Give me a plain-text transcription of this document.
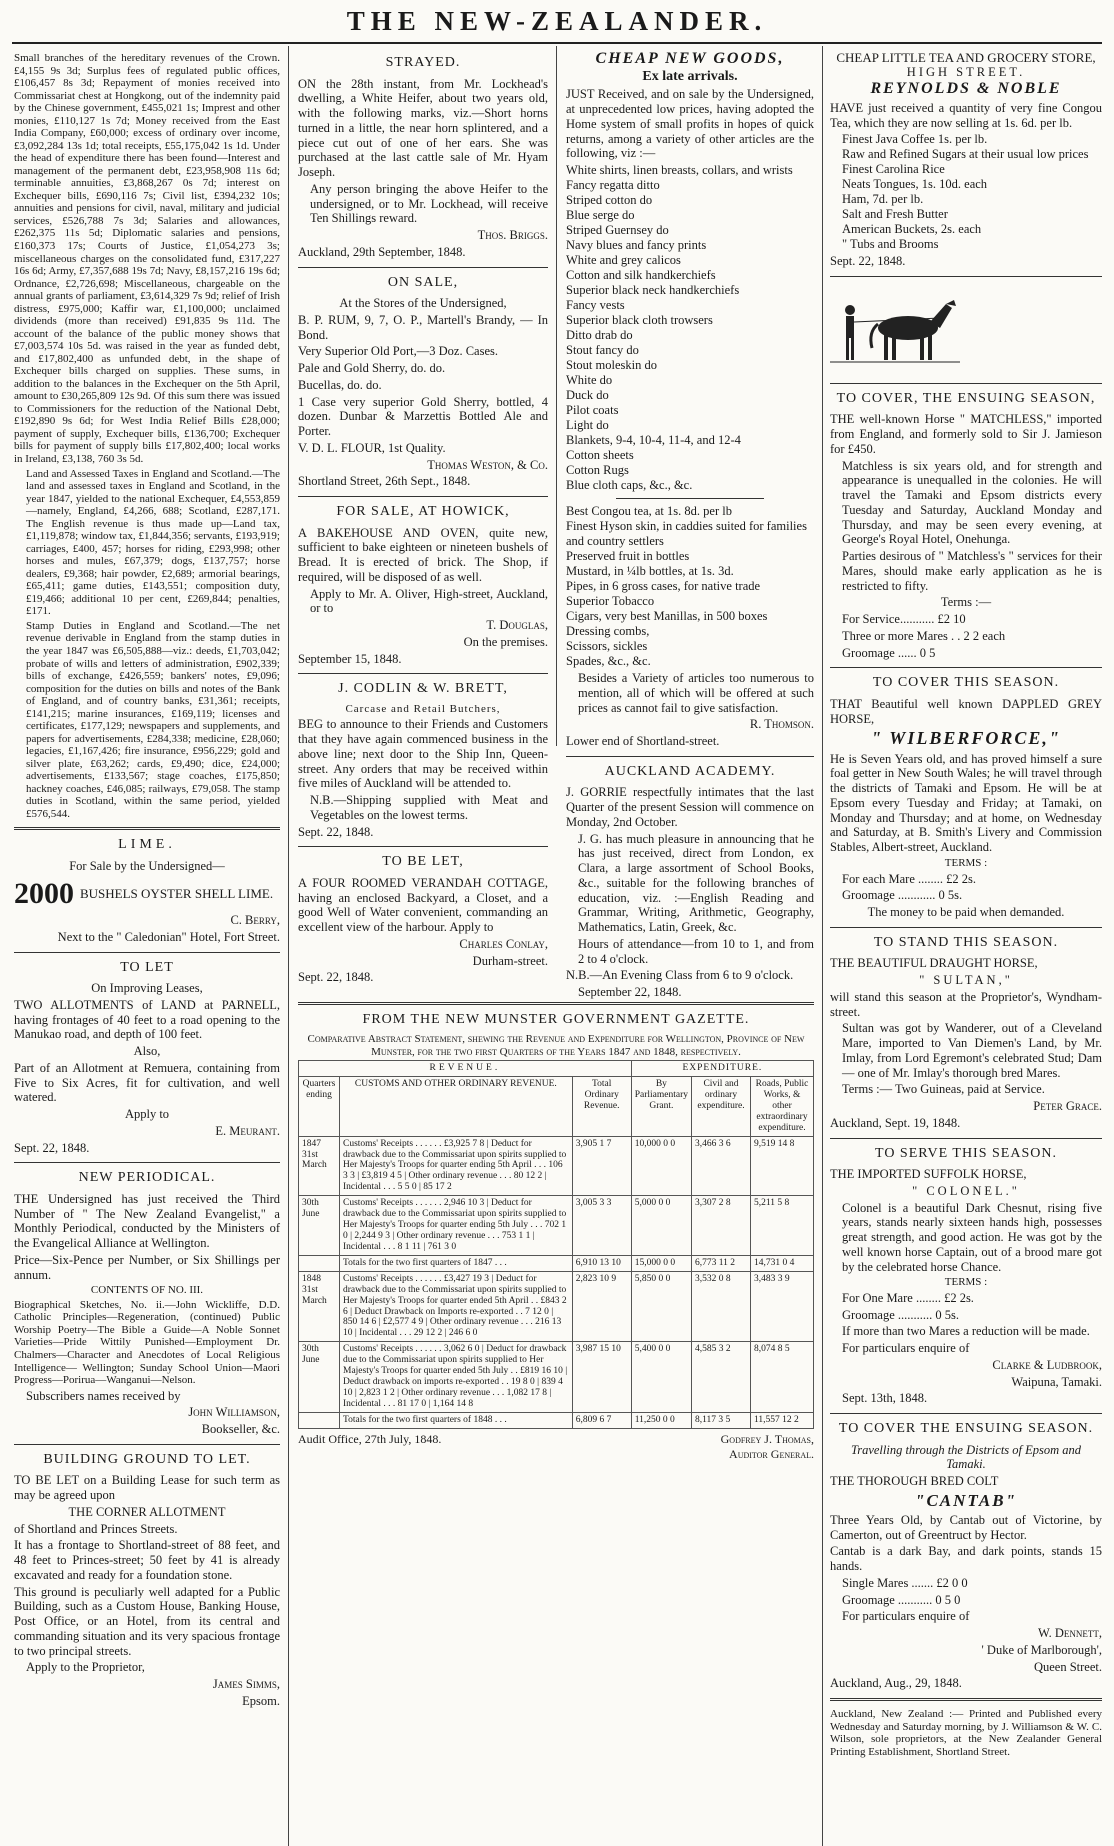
THE NEW-ZEALANDER.

Small branches of the hereditary revenues of the Crown. £4,155 9s 3d; Surplus fees of regulated public offices, £106,457 8s 3d; Repayment of monies received into Commissariat chest at Hongkong, out of the indemnity paid by the Chinese government, £455,021 1s; Imprest and other monies, £110,127 1s 7d; Money received from the East India Company, £60,000; excess of ordinary over income, £3,092,284 13s 1d; total receipts, £55,175,042 1s 1d. Under the head of expenditure there has been found—Interest and management of the permanent debt, £23,958,908 11s 6d; terminable annuities, £3,868,267 0s 7d; interest on Exchequer bills, £690,116 7s; Civil list, £394,232 10s; annuities and pensions for civil, naval, military and judicial services, £526,788 7s 3d; Salaries and allowances, £262,375 11s 5d; Diplomatic salaries and pensions, £160,373 17s; Courts of Justice, £1,054,273 3s; miscellaneous charges on the consolidated fund, £317,227 16s 6d; Army, £7,357,688 19s 7d; Navy, £8,157,216 19s 6d; Ordnance, £2,726,698; Miscellaneous, chargeable on the annual grants of parliament, £3,614,329 7s 9d; relief of Irish distress, £975,000; Kaffir war, £1,100,000; unclaimed dividends (more than received) £91,835 9s 11d. The account of the balance of the public money shows that £7,003,574 10s 5d. was raised in the year as funded debt, and £17,802,400 as unfunded debt, in the shape of Exchequer bills charged on supplies. These sums, in addition to the balances in the Exchequer on the 5th April, amount to £30,265,809 12s 9d. Of this sum there was issued to Commissioners for the reduction of the National Debt, £192,890 9s 6d; for West India Relief Bills £28,000; payment of supply, Exchequer bills, £136,700; Exchequer bills for payment of supply bills £17,802,400; local works in Ireland, £3,138, 760 3s 5d.

Land and Assessed Taxes in England and Scotland.—The land and assessed taxes in England and Scotland, in the year 1847, yielded to the national Exchequer, £4,553,859—namely, England, £4,266, 688; Scotland, £287,171. The English revenue is thus made up—Land tax, £1,119,878; window tax, £1,844,356; servants, £193,919; carriages, £400, 457; horses for riding, £293,998; other horses and mules, £67,379; dogs, £137,757; horse dealers, £9,368; hair powder, £2,689; armorial bearings, £65,411; game duties, £143,551; composition duty, £19,466; additional 10 per cent, £269,844; penalties, £171.

Stamp Duties in England and Scotland.—The net revenue derivable in England from the stamp duties in the year 1847 was £6,505,888—viz.: deeds, £1,703,042; probate of wills and letters of administration, £902,339; bills of exchange, £426,559; bankers' notes, £9,096; composition for the duties on bills and notes of the Bank of England, and of country banks, £31,361; receipts, £141,215; marine insurances, £169,119; licenses and certificates, £177,129; newspapers and supplements, and papers for advertisements, £284,338; medicine, £28,060; legacies, £1,167,426; fire insurance, £956,229; gold and silver plate, £63,262; cards, £9,490; dice, £24,000; advertisements, £133,567; stage coaches, £175,850; hackney coaches, £46,085; railways, £79,058. The stamp duties in Scotland, within the same period, yielded £576,544.

LIME.

For Sale by the Undersigned—

2000 BUSHELS OYSTER SHELL LIME.

C. Berry,

Next to the " Caledonian" Hotel, Fort Street.

TO LET

On Improving Leases,

TWO ALLOTMENTS of LAND at PARNELL, having frontages of 40 feet to a road opening to the Manukao road, and depth of 100 feet.

Also,

Part of an Allotment at Remuera, containing from Five to Six Acres, fit for cultivation, and well watered.

Apply to

E. Meurant.

Sept. 22, 1848.

NEW PERIODICAL.

THE Undersigned has just received the Third Number of " The New Zealand Evangelist," a Monthly Periodical, conducted by the Ministers of the Evangelical Alliance at Wellington.

Price—Six-Pence per Number, or Six Shillings per annum.

CONTENTS OF NO. III.

Biographical Sketches, No. ii.—John Wickliffe, D.D. Catholic Principles—Regeneration, (continued) Public Worship Poetry—The Bible a Guide—A Noble Sonnet Varieties—Pride Wittily Punished—Employment Dr. Chalmers—Character and Anecdotes of Local Religious Intelligence— Wellington; Sunday School Union—Maori Progress—Porirua—Wanganui—Nelson.

Subscribers names received by

John Williamson,

Bookseller, &c.

BUILDING GROUND TO LET.

TO BE LET on a Building Lease for such term as may be agreed upon

THE CORNER ALLOTMENT

of Shortland and Princes Streets.

It has a frontage to Shortland-street of 88 feet, and 48 feet to Princes-street; 50 feet by 41 is already excavated and ready for a foundation stone.

This ground is peculiarly well adapted for a Public Building, such as a Custom House, Banking House, Post Office, or an Hotel, from its central and commanding situation and its very spacious frontage to two principal streets.

Apply to the Proprietor,

James Simms,

Epsom.

STRAYED.

ON the 28th instant, from Mr. Lockhead's dwelling, a White Heifer, about two years old, with the following marks, viz.—Short horns turned in a little, the near horn splintered, and a piece cut out of one of her ears. She was purchased at the last cattle sale of Mr. Hyam Joseph.

Any person bringing the above Heifer to the undersigned, or to Mr. Lockhead, will receive Ten Shillings reward.

Thos. Briggs.

Auckland, 29th September, 1848.

ON SALE,

At the Stores of the Undersigned,

B. P. RUM, 9, 7, O. P., Martell's Brandy, — In Bond.

Very Superior Old Port,—3 Doz. Cases.

Pale and Gold Sherry, do. do.

Bucellas, do. do.

1 Case very superior Gold Sherry, bottled, 4 dozen. Dunbar & Marzettis Bottled Ale and Porter.

V. D. L. FLOUR, 1st Quality.

Thomas Weston, & Co.

Shortland Street, 26th Sept., 1848.

FOR SALE, AT HOWICK,

A BAKEHOUSE AND OVEN, quite new, sufficient to bake eighteen or nineteen bushels of Bread. It is erected of brick. The Shop, if required, will be disposed of as well.

Apply to Mr. A. Oliver, High-street, Auckland, or to

T. Douglas,

On the premises.

September 15, 1848.

J. CODLIN & W. BRETT,

Carcase and Retail Butchers,

BEG to announce to their Friends and Customers that they have again commenced business in the above line; next door to the Ship Inn, Queen-street. Any orders that may be received within five miles of Auckland will be attended to.

N.B.—Shipping supplied with Meat and Vegetables on the lowest terms.

Sept. 22, 1848.

TO BE LET,

A FOUR ROOMED VERANDAH COTTAGE, having an enclosed Backyard, a Closet, and a good Well of Water convenient, commanding an excellent view of the harbour. Apply to

Charles Conlay,

Durham-street.

Sept. 22, 1848.

CHEAP NEW GOODS,
Ex late arrivals.

JUST Received, and on sale by the Undersigned, at unprecedented low prices, having adopted the Home system of small profits in hopes of quick returns, among a variety of other articles are the following, viz :—

White shirts, linen breasts, collars, and wrists
Fancy regatta ditto
Striped cotton do
Blue serge do
Striped Guernsey do
Navy blues and fancy prints
White and grey calicos
Cotton and silk handkerchiefs
Superior black neck handkerchiefs
Fancy vests
Superior black cloth trowsers
Ditto drab do
Stout fancy do
Stout moleskin do
White do
Duck do
Pilot coats
Light do
Blankets, 9-4, 10-4, 11-4, and 12-4
Cotton sheets
Cotton Rugs
Blue cloth caps, &c., &c.
Best Congou tea, at 1s. 8d. per lb
Finest Hyson skin, in caddies suited for families and country settlers
Preserved fruit in bottles
Mustard, in ¼lb bottles, at 1s. 3d.
Pipes, in 6 gross cases, for native trade
Superior Tobacco
Cigars, very best Manillas, in 500 boxes
Dressing combs,
Scissors, sickles
Spades, &c., &c.

Besides a Variety of articles too numerous to mention, all of which will be offered at such prices as cannot fail to give satisfaction.

R. Thomson.

Lower end of Shortland-street.

AUCKLAND ACADEMY.

J. GORRIE respectfully intimates that the last Quarter of the present Session will commence on Monday, 2nd October.

J. G. has much pleasure in announcing that he has just received, direct from London, ex Clara, a large assortment of School Books, &c., suitable for the following branches of education, viz. :—English Reading and Grammar, Writing, Arithmetic, Geography, Mathematics, Latin, Greek, &c.

Hours of attendance—from 10 to 1, and from 2 to 4 o'clock.

N.B.—An Evening Class from 6 to 9 o'clock.

September 22, 1848.

FROM THE NEW MUNSTER GOVERNMENT GAZETTE.

Comparative Abstract Statement, shewing the Revenue and Expenditure for Wellington, Province of New Munster, for the two first Quarters of the Years 1847 and 1848, respectively.

REVENUE.			EXPENDITURE.		
Quarters ending	CUSTOMS AND OTHER ORDINARY REVENUE.	Total Ordinary Revenue.	By Parliamentary Grant.	Civil and ordinary expenditure.	Roads, Public Works, & other extraordinary expenditure.
1847 31st March	Customs' Receipts . . . . . . £3,925 7 8 | Deduct for drawback due to the Commissariat upon spirits supplied to Her Majesty's Troops for quarter ending 5th April . . . 106 3 3 | £3,819 4 5 | Other ordinary revenue . . . 80 12 2 | Incidental . . . 5 5 0 | 85 17 2	3,905 1 7	10,000 0 0	3,466 3 6	9,519 14 8
30th June	Customs' Receipts . . . . . . 2,946 10 3 | Deduct for drawback due to the Commissariat upon spirits supplied to Her Majesty's Troops for quarter ending 5th July . . . 702 1 0 | 2,244 9 3 | Other ordinary revenue . . . 753 1 1 | Incidental . . . 8 1 11 | 761 3 0	3,005 3 3	5,000 0 0	3,307 2 8	5,211 5 8
	Totals for the two first quarters of 1847 . . .	6,910 13 10	15,000 0 0	6,773 11 2	14,731 0 4
1848 31st March	Customs' Receipts . . . . . . £3,427 19 3 | Deduct for drawback due to the Commissariat upon spirits supplied to Her Majesty's Troops for quarter ended 5th April . . £843 2 6 | Deduct Drawback on Imports re-exported . . 7 12 0 | 850 14 6 | £2,577 4 9 | Other ordinary revenue . . . 216 13 10 | Incidental . . . 29 12 2 | 246 6 0	2,823 10 9	5,850 0 0	3,532 0 8	3,483 3 9
30th June	Customs' Receipts . . . . . . 3,062 6 0 | Deduct for drawback due to the Commissariat upon spirits supplied to Her Majesty's Troops for quarter ended 5th July . . £819 16 10 | Deduct drawback on imports re-exported . . 19 8 0 | 839 4 10 | 2,823 1 2 | Other ordinary revenue . . . 1,082 17 8 | Incidental . . . 81 17 0 | 1,164 14 8	3,987 15 10	5,400 0 0	4,585 3 2	8,074 8 5
	Totals for the two first quarters of 1848 . . .	6,809 6 7	11,250 0 0	8,117 3 5	11,557 12 2
Audit Office, 27th July, 1848.	Godfrey J. Thomas,
Auditor General.
CHEAP LITTLE TEA AND GROCERY STORE,
HIGH STREET.
REYNOLDS & NOBLE

HAVE just received a quantity of very fine Congou Tea, which they are now selling at 1s. 6d. per lb.

Finest Java Coffee 1s. per lb.
Raw and Refined Sugars at their usual low prices
Finest Carolina Rice
Neats Tongues, 1s. 10d. each
Ham, 7d. per lb.
Salt and Fresh Butter
American Buckets, 2s. each
" Tubs and Brooms

Sept. 22, 1848.

TO COVER, THE ENSUING SEASON,

THE well-known Horse " MATCHLESS," imported from England, and formerly sold to Sir J. Jamieson for £450.

Matchless is six years old, and for strength and appearance is unequalled in the colonies. He will travel the Tamaki and Epsom districts every Tuesday and Saturday, Auckland Monday and Thursday, and may be seen every evening, at George's Royal Hotel, Onehunga.

Parties desirous of " Matchless's " services for their Mares, should make early application as he is restricted to fifty.

Terms :—

For Service........... £2 10

Three or more Mares . . 2 2 each

Groomage ...... 0 5

TO COVER THIS SEASON.

THAT Beautiful well known DAPPLED GREY HORSE,

" WILBERFORCE,"

He is Seven Years old, and has proved himself a sure foal getter in New South Wales; he will travel through the districts of Tamaki and Epsom. He will be at Epsom every Tuesday and Friday; at Tamaki, on Monday and Thursday; and at home, on Wednesday and Saturday, at B. Smith's Livery and Commission Stables, Albert-street, Auckland.

TERMS :

For each Mare ........ £2 2s.

Groomage ............ 0 5s.

The money to be paid when demanded.

TO STAND THIS SEASON.

THE BEAUTIFUL DRAUGHT HORSE,

" SULTAN,"

will stand this season at the Proprietor's, Wyndham-street.

Sultan was got by Wanderer, out of a Cleveland Mare, imported to Van Diemen's Land, by Mr. Imlay, from Lord Egremont's celebrated Stud; Dam — one of Mr. Imlay's thorough bred Mares.

Terms :— Two Guineas, paid at Service.

Peter Grace.

Auckland, Sept. 19, 1848.

TO SERVE THIS SEASON.

THE IMPORTED SUFFOLK HORSE,

" COLONEL."

Colonel is a beautiful Dark Chesnut, rising five years, stands nearly sixteen hands high, possesses great strength, and good action. He was got by the well known horse Captain, out of a brood mare got by the celebrated horse Chance.

TERMS :

For One Mare ........ £2 2s.

Groomage ........... 0 5s.

If more than two Mares a reduction will be made.

For particulars enquire of

Clarke & Ludbrook,

Waipuna, Tamaki.

Sept. 13th, 1848.

TO COVER THE ENSUING SEASON.

Travelling through the Districts of Epsom and Tamaki.

THE THOROUGH BRED COLT

"CANTAB"

Three Years Old, by Cantab out of Victorine, by Camerton, out of Greentruct by Hector.

Cantab is a dark Bay, and dark points, stands 15 hands.

Single Mares ....... £2 0 0

Groomage ........... 0 5 0

For particulars enquire of

W. Dennett,

' Duke of Marlborough',

Queen Street.

Auckland, Aug., 29, 1848.

Auckland, New Zealand :— Printed and Published every Wednesday and Saturday morning, by J. Williamson & W. C. Wilson, sole proprietors, at the New Zealander General Printing Establishment, Shortland Street.
